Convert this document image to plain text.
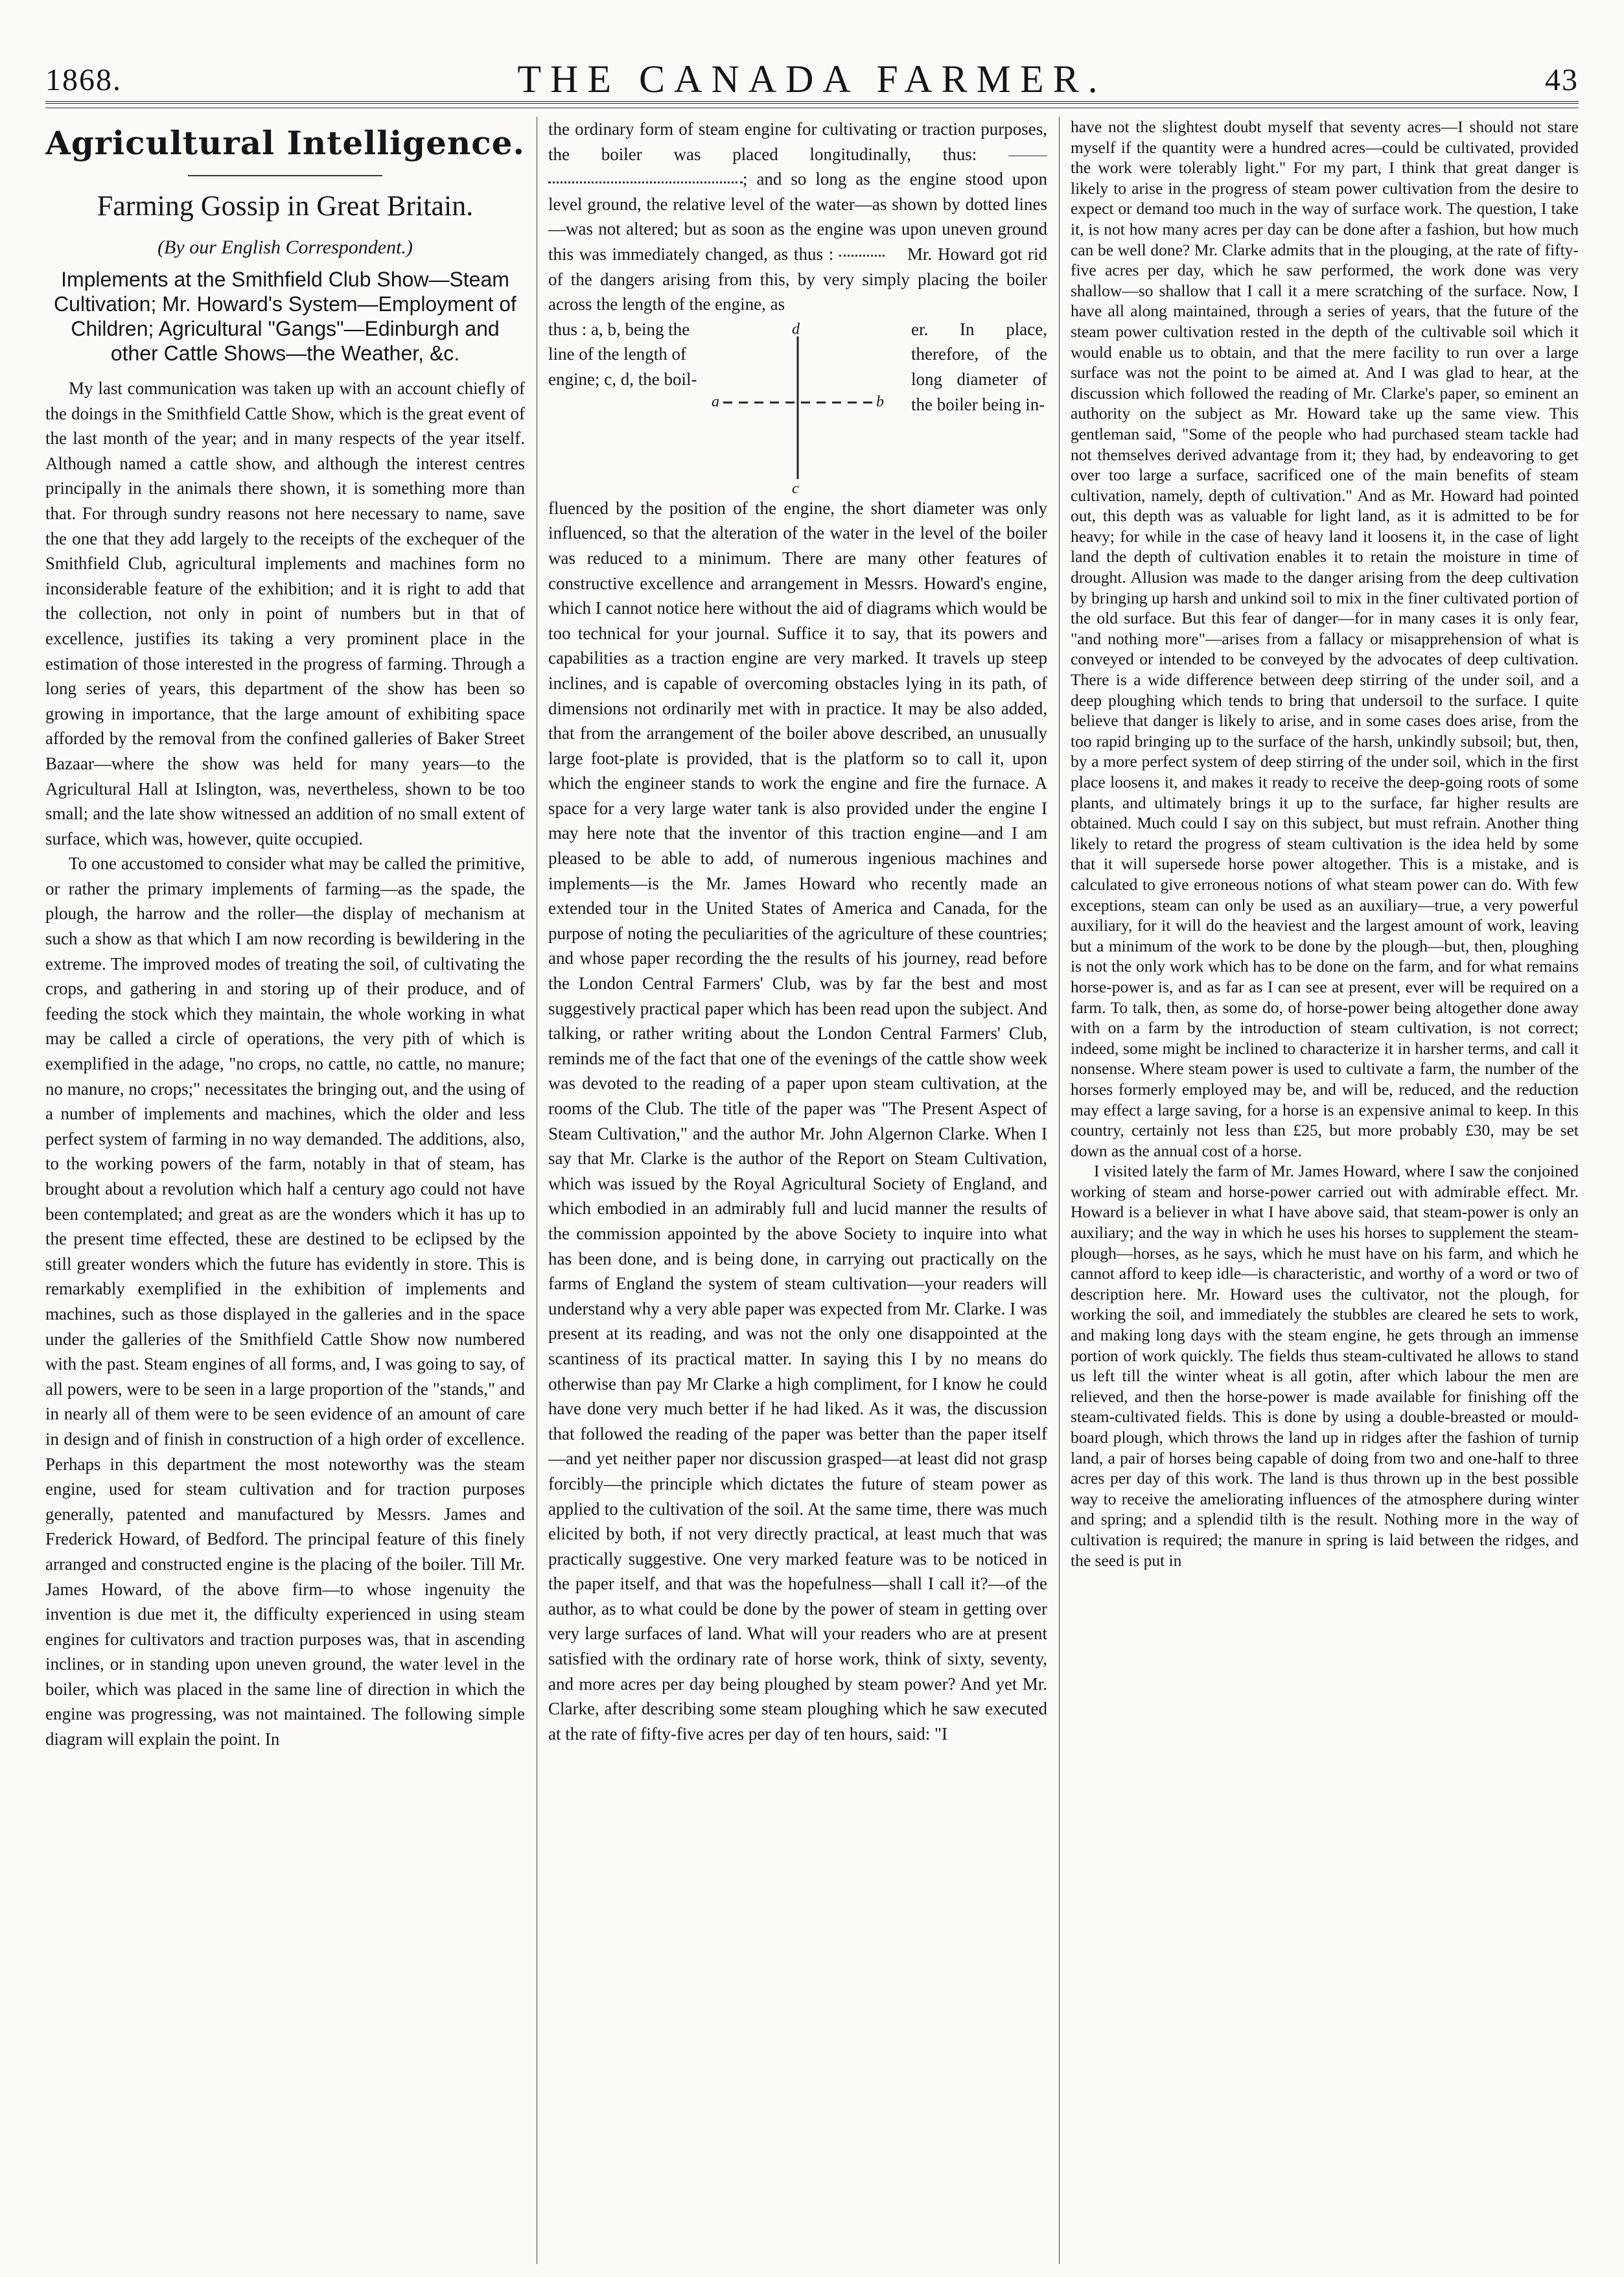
1868.	THE CANADA FARMER.	43
Agricultural Intelligence.
Farming Gossip in Great Britain.
(By our English Correspondent.)
Implements at the Smithfield Club Show—Steam Cultivation; Mr. Howard's System—Employment of Children; Agricultural "Gangs"—Edinburgh and other Cattle Shows—the Weather, &c.

My last communication was taken up with an account chiefly of the doings in the Smithfield Cattle Show, which is the great event of the last month of the year; and in many respects of the year itself. Although named a cattle show, and although the interest centres principally in the animals there shown, it is something more than that. For through sundry reasons not here necessary to name, save the one that they add largely to the receipts of the exchequer of the Smithfield Club, agricultural implements and machines form no inconsiderable feature of the exhibition; and it is right to add that the collection, not only in point of numbers but in that of excellence, justifies its taking a very prominent place in the estimation of those interested in the progress of farming. Through a long series of years, this department of the show has been so growing in importance, that the large amount of exhibiting space afforded by the removal from the confined galleries of Baker Street Bazaar—where the show was held for many years—to the Agricultural Hall at Islington, was, nevertheless, shown to be too small; and the late show witnessed an addition of no small extent of surface, which was, however, quite occupied.

To one accustomed to consider what may be called the primitive, or rather the primary implements of farming—as the spade, the plough, the harrow and the roller—the display of mechanism at such a show as that which I am now recording is bewildering in the extreme. The improved modes of treating the soil, of cultivating the crops, and gathering in and storing up of their produce, and of feeding the stock which they maintain, the whole working in what may be called a circle of operations, the very pith of which is exemplified in the adage, "no crops, no cattle, no cattle, no manure; no manure, no crops;" necessitates the bringing out, and the using of a number of implements and machines, which the older and less perfect system of farming in no way demanded. The additions, also, to the working powers of the farm, notably in that of steam, has brought about a revolution which half a century ago could not have been contemplated; and great as are the wonders which it has up to the present time effected, these are destined to be eclipsed by the still greater wonders which the future has evidently in store. This is remarkably exemplified in the exhibition of implements and machines, such as those displayed in the galleries and in the space under the galleries of the Smithfield Cattle Show now numbered with the past. Steam engines of all forms, and, I was going to say, of all powers, were to be seen in a large proportion of the "stands," and in nearly all of them were to be seen evidence of an amount of care in design and of finish in construction of a high order of excellence. Perhaps in this department the most noteworthy was the steam engine, used for steam cultivation and for traction purposes generally, patented and manufactured by Messrs. James and Frederick Howard, of Bedford. The principal feature of this finely arranged and constructed engine is the placing of the boiler. Till Mr. James Howard, of the above firm—to whose ingenuity the invention is due met it, the difficulty experienced in using steam engines for cultivators and traction purposes was, that in ascending inclines, or in standing upon uneven ground, the water level in the boiler, which was placed in the same line of direction in which the engine was progressing, was not maintained. The following simple diagram will explain the point. In

the ordinary form of steam engine for cultivating or traction purposes, the boiler was placed longitudinally, thus: ; and so long as the engine stood upon level ground, the relative level of the water—as shown by dotted lines—was not altered; but as soon as the engine was upon uneven ground this was immediately changed, as thus :	Mr. Howard got rid of the dangers arising from this, by very simply placing the boiler across the length of the engine, as

thus : a, b, being the line of the length of engine; c, d, the boil-
a	b
c
d	er. In place, therefore, of the long diameter of the boiler being in-

fluenced by the position of the engine, the short diameter was only influenced, so that the alteration of the water in the level of the boiler was reduced to a minimum. There are many other features of constructive excellence and arrangement in Messrs. Howard's engine, which I cannot notice here without the aid of diagrams which would be too technical for your journal. Suffice it to say, that its powers and capabilities as a traction engine are very marked. It travels up steep inclines, and is capable of overcoming obstacles lying in its path, of dimensions not ordinarily met with in practice. It may be also added, that from the arrangement of the boiler above described, an unusually large foot-plate is provided, that is the platform so to call it, upon which the engineer stands to work the engine and fire the furnace. A space for a very large water tank is also provided under the engine I may here note that the inventor of this traction engine—and I am pleased to be able to add, of numerous ingenious machines and implements—is the Mr. James Howard who recently made an extended tour in the United States of America and Canada, for the purpose of noting the peculiarities of the agriculture of these countries; and whose paper recording the the results of his journey, read before the London Central Farmers' Club, was by far the best and most suggestively practical paper which has been read upon the subject. And talking, or rather writing about the London Central Farmers' Club, reminds me of the fact that one of the evenings of the cattle show week was devoted to the reading of a paper upon steam cultivation, at the rooms of the Club. The title of the paper was "The Present Aspect of Steam Cultivation," and the author Mr. John Algernon Clarke. When I say that Mr. Clarke is the author of the Report on Steam Cultivation, which was issued by the Royal Agricultural Society of England, and which embodied in an admirably full and lucid manner the results of the commission appointed by the above Society to inquire into what has been done, and is being done, in carrying out practically on the farms of England the system of steam cultivation—your readers will understand why a very able paper was expected from Mr. Clarke. I was present at its reading, and was not the only one disappointed at the scantiness of its practical matter. In saying this I by no means do otherwise than pay Mr Clarke a high compliment, for I know he could have done very much better if he had liked. As it was, the discussion that followed the reading of the paper was better than the paper itself—and yet neither paper nor discussion grasped—at least did not grasp forcibly—the principle which dictates the future of steam power as applied to the cultivation of the soil. At the same time, there was much elicited by both, if not very directly practical, at least much that was practically suggestive. One very marked feature was to be noticed in the paper itself, and that was the hopefulness—shall I call it?—of the author, as to what could be done by the power of steam in getting over very large surfaces of land. What will your readers who are at present satisfied with the ordinary rate of horse work, think of sixty, seventy, and more acres per day being ploughed by steam power? And yet Mr. Clarke, after describing some steam ploughing which he saw executed at the rate of fifty-five acres per day of ten hours, said: "I

have not the slightest doubt myself that seventy acres—I should not stare myself if the quantity were a hundred acres—could be cultivated, provided the work were tolerably light." For my part, I think that great danger is likely to arise in the progress of steam power cultivation from the desire to expect or demand too much in the way of surface work. The question, I take it, is not how many acres per day can be done after a fashion, but how much can be well done? Mr. Clarke admits that in the plouging, at the rate of fifty-five acres per day, which he saw performed, the work done was very shallow—so shallow that I call it a mere scratching of the surface. Now, I have all along maintained, through a series of years, that the future of the steam power cultivation rested in the depth of the cultivable soil which it would enable us to obtain, and that the mere facility to run over a large surface was not the point to be aimed at. And I was glad to hear, at the discussion which followed the reading of Mr. Clarke's paper, so eminent an authority on the subject as Mr. Howard take up the same view. This gentleman said, "Some of the people who had purchased steam tackle had not themselves derived advantage from it; they had, by endeavoring to get over too large a surface, sacrificed one of the main benefits of steam cultivation, namely, depth of cultivation." And as Mr. Howard had pointed out, this depth was as valuable for light land, as it is admitted to be for heavy; for while in the case of heavy land it loosens it, in the case of light land the depth of cultivation enables it to retain the moisture in time of drought. Allusion was made to the danger arising from the deep cultivation by bringing up harsh and unkind soil to mix in the finer cultivated portion of the old surface. But this fear of danger—for in many cases it is only fear, "and nothing more"—arises from a fallacy or misapprehension of what is conveyed or intended to be conveyed by the advocates of deep cultivation. There is a wide difference between deep stirring of the under soil, and a deep ploughing which tends to bring that undersoil to the surface. I quite believe that danger is likely to arise, and in some cases does arise, from the too rapid bringing up to the surface of the harsh, unkindly subsoil; but, then, by a more perfect system of deep stirring of the under soil, which in the first place loosens it, and makes it ready to receive the deep-going roots of some plants, and ultimately brings it up to the surface, far higher results are obtained. Much could I say on this subject, but must refrain. Another thing likely to retard the progress of steam cultivation is the idea held by some that it will supersede horse power altogether. This is a mistake, and is calculated to give erroneous notions of what steam power can do. With few exceptions, steam can only be used as an auxiliary—true, a very powerful auxiliary, for it will do the heaviest and the largest amount of work, leaving but a minimum of the work to be done by the plough—but, then, ploughing is not the only work which has to be done on the farm, and for what remains horse-power is, and as far as I can see at present, ever will be required on a farm. To talk, then, as some do, of horse-power being altogether done away with on a farm by the introduction of steam cultivation, is not correct; indeed, some might be inclined to characterize it in harsher terms, and call it nonsense. Where steam power is used to cultivate a farm, the number of the horses formerly employed may be, and will be, reduced, and the reduction may effect a large saving, for a horse is an expensive animal to keep. In this country, certainly not less than £25, but more probably £30, may be set down as the annual cost of a horse.

I visited lately the farm of Mr. James Howard, where I saw the conjoined working of steam and horse-power carried out with admirable effect. Mr. Howard is a believer in what I have above said, that steam-power is only an auxiliary; and the way in which he uses his horses to supplement the steam-plough—horses, as he says, which he must have on his farm, and which he cannot afford to keep idle—is characteristic, and worthy of a word or two of description here. Mr. Howard uses the cultivator, not the plough, for working the soil, and immediately the stubbles are cleared he sets to work, and making long days with the steam engine, he gets through an immense portion of work quickly. The fields thus steam-cultivated he allows to stand us left till the winter wheat is all gotin, after which labour the men are relieved, and then the horse-power is made available for finishing off the steam-cultivated fields. This is done by using a double-breasted or mould-board plough, which throws the land up in ridges after the fashion of turnip land, a pair of horses being capable of doing from two and one-half to three acres per day of this work. The land is thus thrown up in the best possible way to receive the ameliorating influences of the atmosphere during winter and spring; and a splendid tilth is the result. Nothing more in the way of cultivation is required; the manure in spring is laid between the ridges, and the seed is put in
